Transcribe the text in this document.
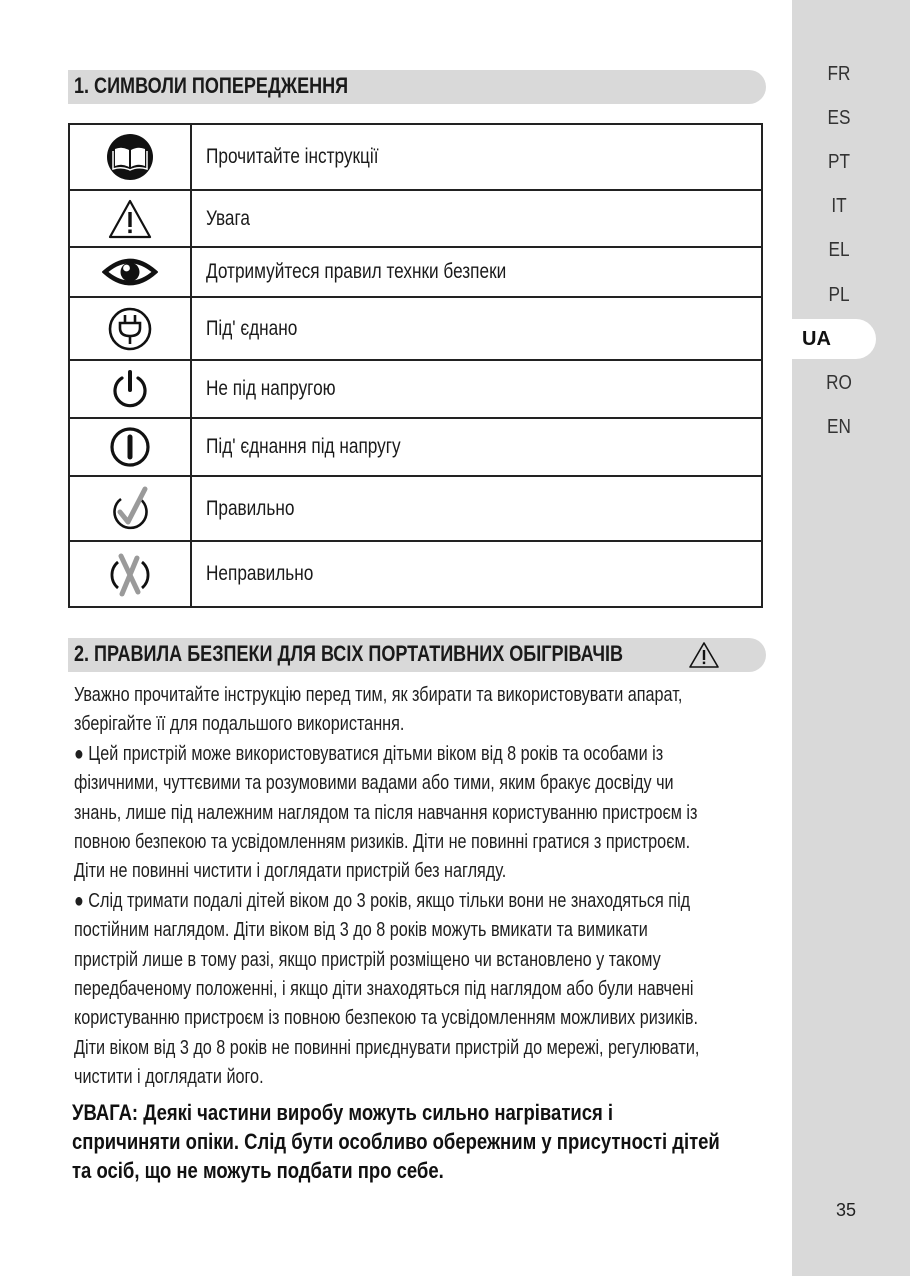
FR
ES
PT
IT
EL
PL
UA
RO
EN
35
1. СИМВОЛИ ПОПЕРЕДЖЕННЯ
	Прочитайте інструкції

	Увага

	Дотримуйтеся правил технки безпеки

	Під' єднано

	Не під напругою

	Під' єднання під напругу

	Правильно

	Неправильно
2. ПРАВИЛА БЕЗПЕКИ ДЛЯ ВСІХ ПОРТАТИВНИХ ОБІГРІВАЧІВ

Уважно прочитайте інструкцію перед тим, як збирати та використовувати апарат,

зберігайте її для подальшого використання.

● Цей пристрій може використовуватися дітьми віком від 8 років та особами із

фізичними, чуттєвими та розумовими вадами або тими, яким бракує досвіду чи

знань, лише під належним наглядом та після навчання користуванню пристроєм із

повною безпекою та усвідомленням ризиків. Діти не повинні гратися з пристроєм.

Діти не повинні чистити і доглядати пристрій без нагляду.

● Слід тримати подалі дітей віком до 3 років, якщо тільки вони не знаходяться під

постійним наглядом. Діти віком від 3 до 8 років можуть вмикати та вимикати

пристрій лише в тому разі, якщо пристрій розміщено чи встановлено у такому

передбаченому положенні, і якщо діти знаходяться під наглядом або були навчені

користуванню пристроєм із повною безпекою та усвідомленням можливих ризиків.

Діти віком від 3 до 8 років не повинні приєднувати пристрій до мережі, регулювати,

чистити і доглядати його.

УВАГА: Деякі частини виробу можуть сильно нагріватися і

спричиняти опіки. Слід бути особливо обережним у присутності дітей

та осіб, що не можуть подбати про себе.
